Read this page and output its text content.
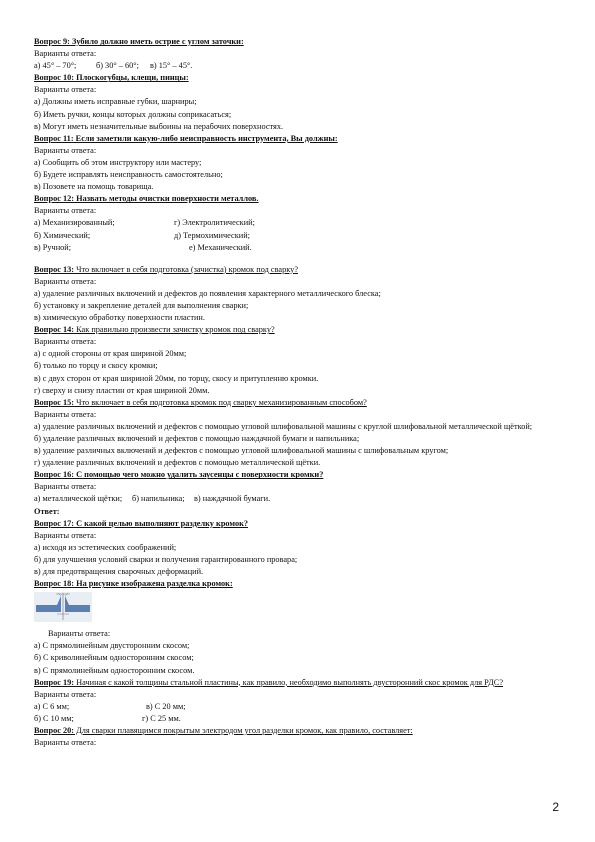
Вопрос 9: Зубило должно иметь острие с углом заточки:
Варианты ответа:
а) 45° – 70°;	б) 30° – 60°;	в) 15° – 45°.
Вопрос 10: Плоскогубцы, клещи, пинцы:
Варианты ответа:
а) Должны иметь исправные губки, шарниры;
б) Иметь ручки, концы которых должны соприкасаться;
в) Могут иметь незначительные выбоины на перабочих поверхностях.
Вопрос 11: Если заметили какую-либо неисправность инструмента, Вы должны:
Варианты ответа:
а) Сообщить об этом инструктору или мастеру;
б) Будете исправлять неисправность самостоятельно;
в) Позовете на помощь товарища.
Вопрос 12: Назвать методы очистки поверхности металлов.
Варианты ответа:
а) Механизированный;	г) Электролитический;
б) Химический;	д) Термохимический;
в) Ручной;	е) Механический.
Вопрос 13: Что включает в себя подготовка (зачистка) кромок под сварку?
Варианты ответа:
а) удаление различных включений и дефектов до появления характерного металлического блеска;
б) установку и закрепление деталей для выполнения сварки;
в) химическую обработку поверхности пластин.
Вопрос 14: Как правильно произвести зачистку кромок под сварку?
Варианты ответа:
а) с одной стороны от края шириной 20мм;
б) только по торцу и скосу кромки;
в) с двух сторон от края шириной 20мм, по торцу, скосу и притупленню кромки.
г) сверху и снизу пластин от края шириной 20мм.
Вопрос 15: Что включает в себя подготовка кромок под сварку механизированным способом?
Варианты ответа:
а) удаление различных включений и дефектов с помощью угловой шлифовальной машины с круглой шлифовальной металлической щёткой;
б) удаление различных включений и дефектов с помощью наждачной бумаги и напильника;
в) удаление различных включений и дефектов с помощью угловой шлифовальной машины с шлифовальным кругом;
г) удаление различных включений и дефектов с помощью металлической щётки.
Вопрос 16: С помощью чего можно удалить заусенцы с поверхности кромки?
Варианты ответа:
а) металлической щётки;	б) напильника;	в) наждачной бумаги.
Ответ:
Вопрос 17: С какой целью выполняют разделку кромок?
Варианты ответа:
а) исходя из эстетических соображений;
б) для улучшения условий сварки и получения гарантированного провара;
в) для предотвращения сварочных деформаций.
Вопрос 18: На рисунке изображена разделка кромок:
Варианты ответа:
а) С прямолинейным двусторонним скосом;
б) С криволинейным односторонним скосом;
в) С прямолинейным односторонним скосом.
Вопрос 19: Начиная с какой толщины стальной пластины, как правило, необходимо выполнять двусторонний скос кромок для РДС?
Варианты ответа:
а) С 6 мм;	в) С 20 мм;
б) С 10 мм;	г) С 25 мм.
Вопрос 20: Для сварки плавящимся покрытым электродом угол разделки кромок, как правило, составляет:
Варианты ответа:
2
